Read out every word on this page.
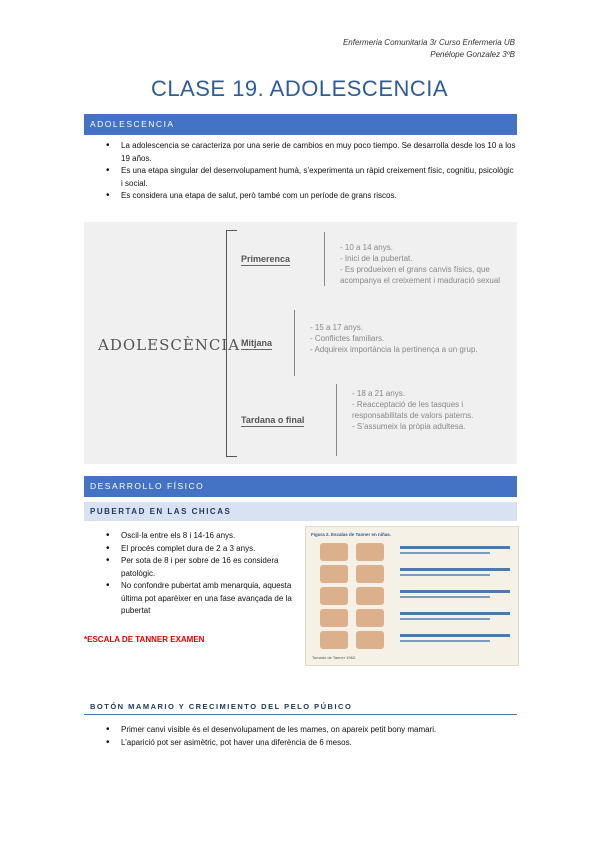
Enfermeria Comunitaria 3r Curso Enfermeria UB
Penélope Gonzalez 3ºB
CLASE 19. ADOLESCENCIA
ADOLESCENCIA
• La adolescencia se caracteriza por una serie de cambios en muy poco tiempo. Se desarrolla desde los 10 a los 19 años.
• Es una etapa singular del desenvolupament humà, s’experimenta un ràpid creixement físic, cognitiu, psicològic i social.
• Es considera una etapa de salut, però també com un període de grans riscos.
ADOLESCÈNCIA
Primerenca
- 10 a 14 anys.
- Inici de la pubertat.
- Es produeixen el grans canvis físics, que acompanya el creixement i maduració sexual
Mitjana
- 15 a 17 anys.
- Conflictes familiars.
- Adquireix importància la pertinença a un grup.
Tardana o final
- 18 a 21 anys.
- Reacceptació de les tasques i responsabilitats de valors paterns.
- S’assumeix la pròpia adultesa.
DESARROLLO FÍSICO
PUBERTAD EN LAS CHICAS
• Oscil·la entre els 8 i 14-16 anys.
• El procés complet dura de 2 a 3 anys.
• Per sota de 8 i per sobre de 16 es considera patològic.
• No confondre pubertat amb menarquia, aquesta última pot aparèixer en una fase avançada de la pubertat
*ESCALA DE TANNER EXAMEN
Figura 2. Escalas de Tanner en niñas.
Tomado de Tanner 1962.
BOTÓN MAMARIO Y CRECIMIENTO DEL PELO PÚBICO
• Primer canvi visible és el desenvolupament de les mames, on apareix petit bony mamari.
• L’aparició pot ser asimètric, pot haver una diferència de 6 mesos.
